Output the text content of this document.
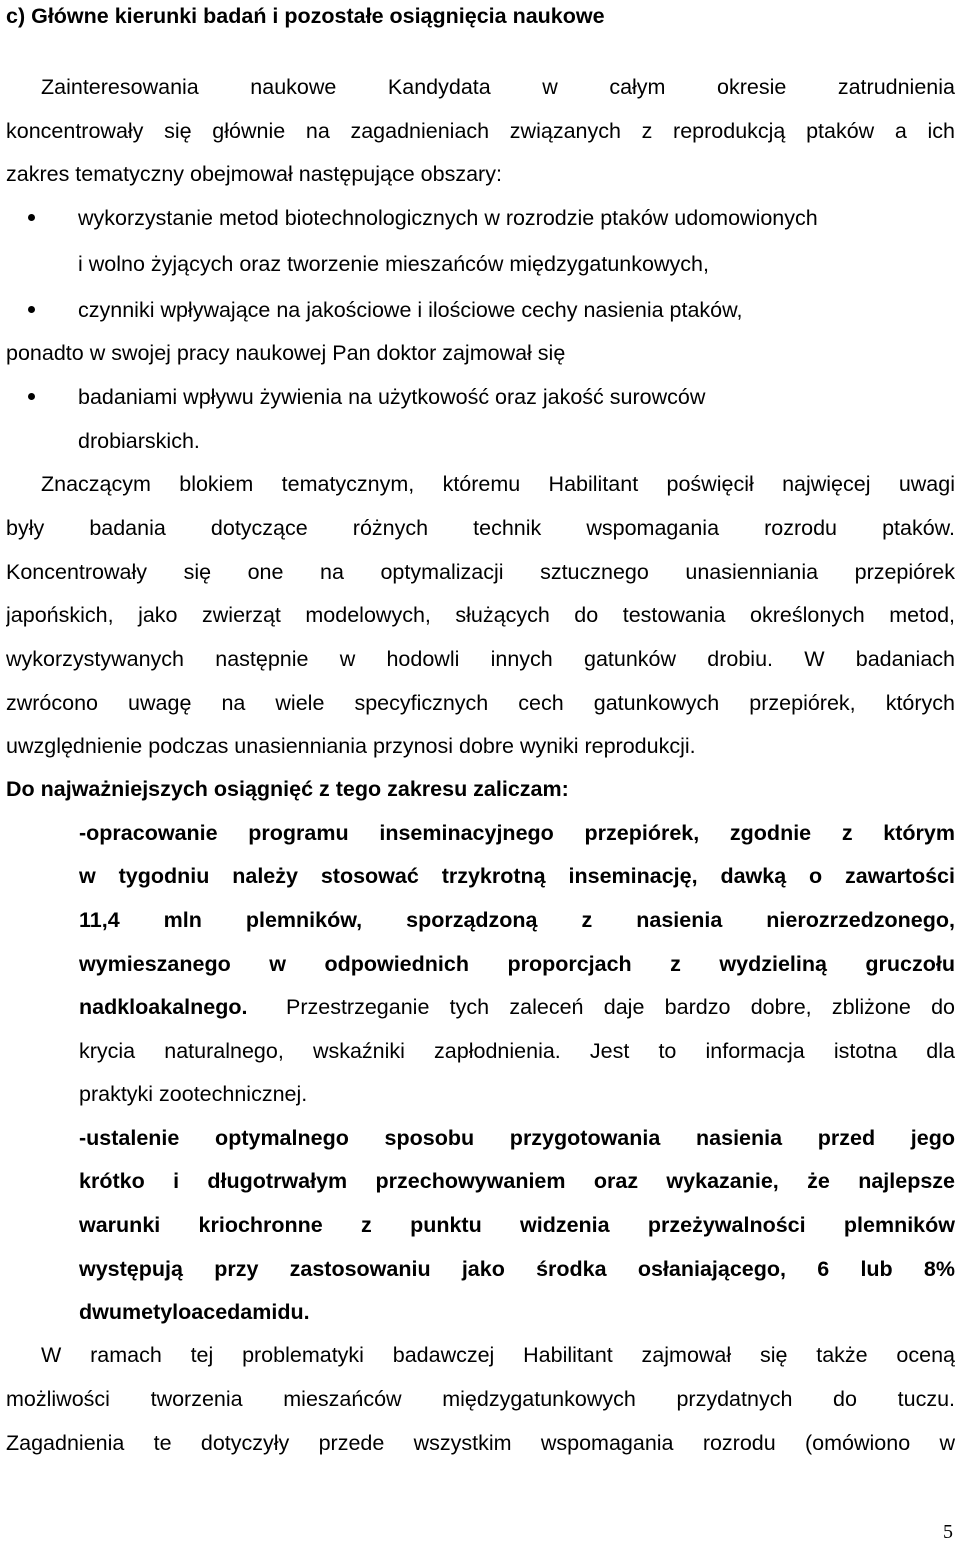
c) Główne kierunki badań i pozostałe osiągnięcia naukowe
Zainteresowania naukowe Kandydata w całym okresie zatrudnienia
koncentrowały się głównie na zagadnieniach związanych z reprodukcją ptaków a ich
zakres tematyczny obejmował następujące obszary:
wykorzystanie metod biotechnologicznych w rozrodzie ptaków udomowionych
i wolno żyjących oraz tworzenie mieszańców międzygatunkowych,
czynniki wpływające na jakościowe i ilościowe cechy nasienia ptaków,
ponadto w swojej pracy naukowej Pan doktor zajmował się
badaniami wpływu żywienia na użytkowość oraz jakość surowców
drobiarskich.
Znaczącym blokiem tematycznym, któremu Habilitant poświęcił najwięcej uwagi
były badania dotyczące różnych technik wspomagania rozrodu ptaków.
Koncentrowały się one na optymalizacji sztucznego unasienniania przepiórek
japońskich, jako zwierząt modelowych, służących do testowania określonych metod,
wykorzystywanych następnie w hodowli innych gatunków drobiu. W badaniach
zwrócono uwagę na wiele specyficznych cech gatunkowych przepiórek, których
uwzględnienie podczas unasienniania przynosi dobre wyniki reprodukcji.
Do najważniejszych osiągnięć z tego zakresu zaliczam:
-opracowanie programu inseminacyjnego przepiórek, zgodnie z którym
w tygodniu należy stosować trzykrotną inseminację, dawką o zawartości
11,4 mln plemników, sporządzoną z nasienia nierozrzedzonego,
wymieszanego w odpowiednich proporcjach z wydzieliną gruczołu
nadkloakalnego. Przestrzeganie tych zaleceń daje bardzo dobre, zbliżone do
krycia naturalnego, wskaźniki zapłodnienia. Jest to informacja istotna dla
praktyki zootechnicznej.
-ustalenie optymalnego sposobu przygotowania nasienia przed jego
krótko i długotrwałym przechowywaniem oraz wykazanie, że najlepsze
warunki kriochronne z punktu widzenia przeżywalności plemników
występują przy zastosowaniu jako środka osłaniającego, 6 lub 8%
dwumetyloacedamidu.
W ramach tej problematyki badawczej Habilitant zajmował się także oceną
możliwości tworzenia mieszańców międzygatunkowych przydatnych do tuczu.
Zagadnienia te dotyczyły przede wszystkim wspomagania rozrodu (omówiono w
5
